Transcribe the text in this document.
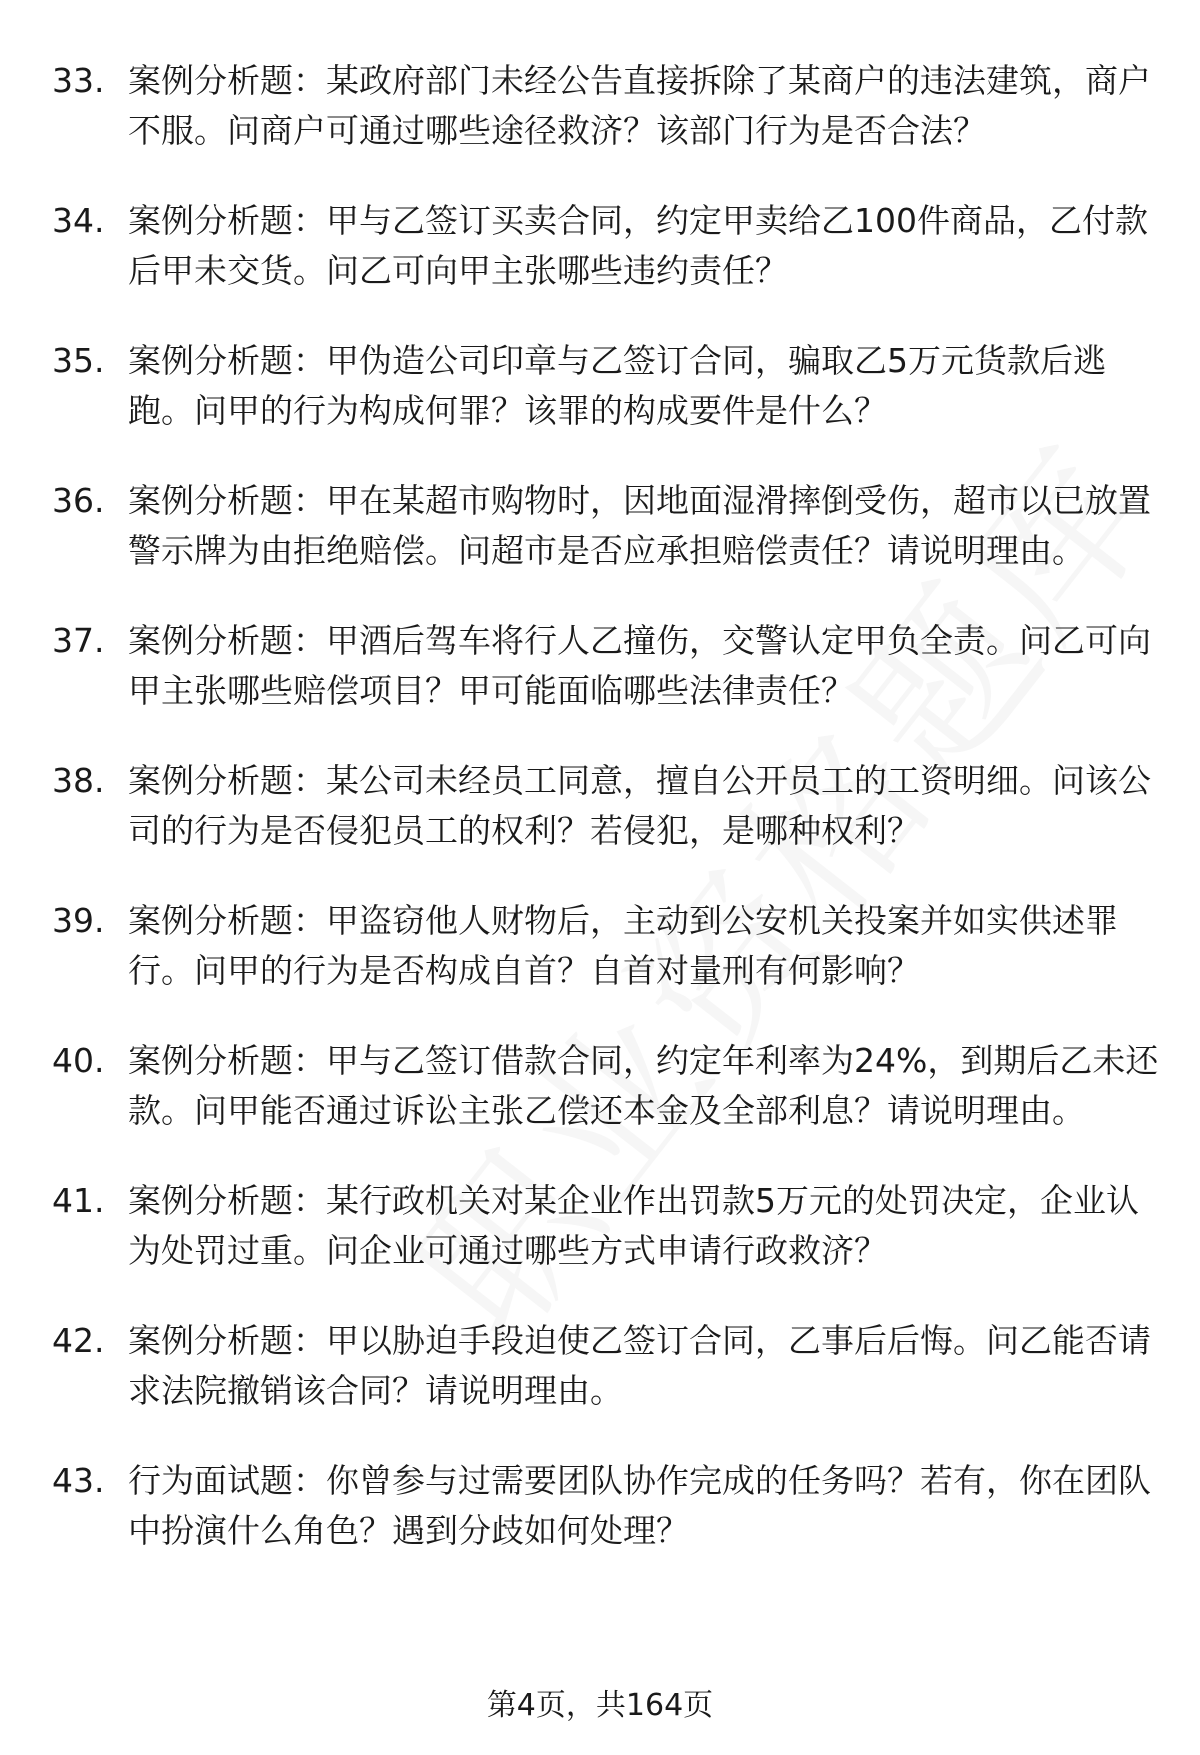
33. 案例分析题：某政府部门未经公告直接拆除了某商户的违法建筑，商户不服。问商户可通过哪些途径救济？该部门行为是否合法？
34. 案例分析题：甲与乙签订买卖合同，约定甲卖给乙100件商品，乙付款后甲未交货。问乙可向甲主张哪些违约责任？
35. 案例分析题：甲伪造公司印章与乙签订合同，骗取乙5万元货款后逃跑。问甲的行为构成何罪？该罪的构成要件是什么？
36. 案例分析题：甲在某超市购物时，因地面湿滑摔倒受伤，超市以已放置警示牌为由拒绝赔偿。问超市是否应承担赔偿责任？请说明理由。
37. 案例分析题：甲酒后驾车将行人乙撞伤，交警认定甲负全责。问乙可向甲主张哪些赔偿项目？甲可能面临哪些法律责任？
38. 案例分析题：某公司未经员工同意，擅自公开员工的工资明细。问该公司的行为是否侵犯员工的权利？若侵犯，是哪种权利？
39. 案例分析题：甲盗窃他人财物后，主动到公安机关投案并如实供述罪行。问甲的行为是否构成自首？自首对量刑有何影响？
40. 案例分析题：甲与乙签订借款合同，约定年利率为24%，到期后乙未还款。问甲能否通过诉讼主张乙偿还本金及全部利息？请说明理由。
41. 案例分析题：某行政机关对某企业作出罚款5万元的处罚决定，企业认为处罚过重。问企业可通过哪些方式申请行政救济？
42. 案例分析题：甲以胁迫手段迫使乙签订合同，乙事后后悔。问乙能否请求法院撤销该合同？请说明理由。
43. 行为面试题：你曾参与过需要团队协作完成的任务吗？若有，你在团队中扮演什么角色？遇到分歧如何处理？
第4页，共164页
